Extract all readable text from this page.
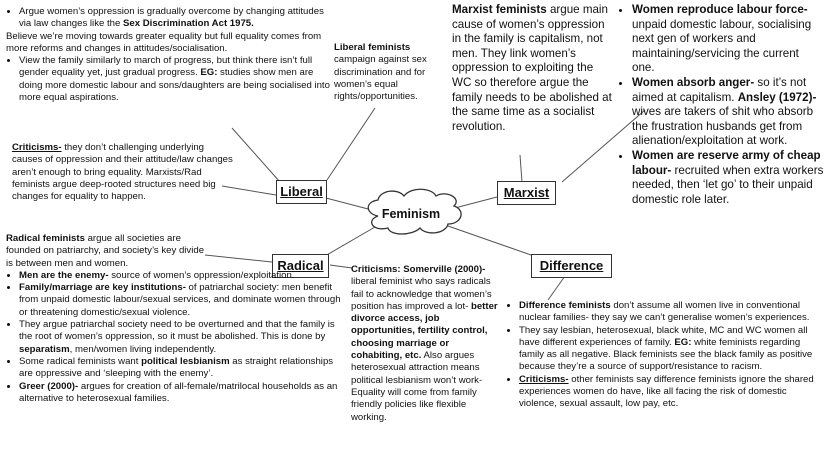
Feminism
Liberal	Marxist
Radical	Difference
• Argue women’s oppression is gradually overcome by changing attitudes via law changes like the Sex Discrimination Act 1975.

Believe we’re moving towards greater equality but full equality comes from more reforms and changes in attitudes/socialisation.

• View the family similarly to march of progress, but think there isn’t full gender equality yet, just gradual progress. EG: studies show men are doing more domestic labour and sons/daughters are being socialised into more equal aspirations.

Criticisms- they don’t challenging underlying causes of oppression and their attitude/law changes aren’t enough to bring equality. Marxists/Rad feminists argue deep-rooted structures need big changes for equality to happen.

Liberal feminists campaign against sex discrimination and for women’s equal rights/opportunities.

Marxist feminists argue main cause of women’s oppression in the family is capitalism, not men. They link women’s oppression to exploiting the WC so therefore argue the family needs to be abolished at the same time as a socialist revolution.

• Women reproduce labour force- unpaid domestic labour, socialising next gen of workers and maintaining/servicing the current one.
• Women absorb anger- so it’s not aimed at capitalism. Ansley (1972)- wives are takers of shit who absorb the frustration husbands get from alienation/exploitation at work.
• Women are reserve army of cheap labour- recruited when extra workers needed, then ‘let go’ to their unpaid domestic role later.

Radical feminists argue all societies are founded on patriarchy, and society’s key divide is between men and women.

• Men are the enemy- source of women’s oppression/exploitation.
• Family/marriage are key institutions- of patriarchal society: men benefit from unpaid domestic labour/sexual services, and dominate women through or threatening domestic/sexual violence.
• They argue patriarchal society need to be overturned and that the family is the root of women’s oppression, so it must be abolished. This is done by separatism, men/women living independently.
• Some radical feminists want political lesbianism as straight relationships are oppressive and ‘sleeping with the enemy’.
• Greer (2000)- argues for creation of all-female/matrilocal households as an alternative to heterosexual families.

Criticisms: Somerville (2000)- liberal feminist who says radicals fail to acknowledge that women’s position has improved a lot- better divorce access, job opportunities, fertility control, choosing marriage or cohabiting, etc. Also argues heterosexual attraction means political lesbianism won’t work- Equality will come from family friendly policies like flexible working.

• Difference feminists don’t assume all women live in conventional nuclear families- they say we can’t generalise women’s experiences.
• They say lesbian, heterosexual, black white, MC and WC women all have different experiences of family. EG: white feminists regarding family as all negative. Black feminists see the black family as positive because they’re a source of support/resistance to racism.
• Criticisms- other feminists say difference feminists ignore the shared experiences women do have, like all facing the risk of domestic violence, sexual assault, low pay, etc.
